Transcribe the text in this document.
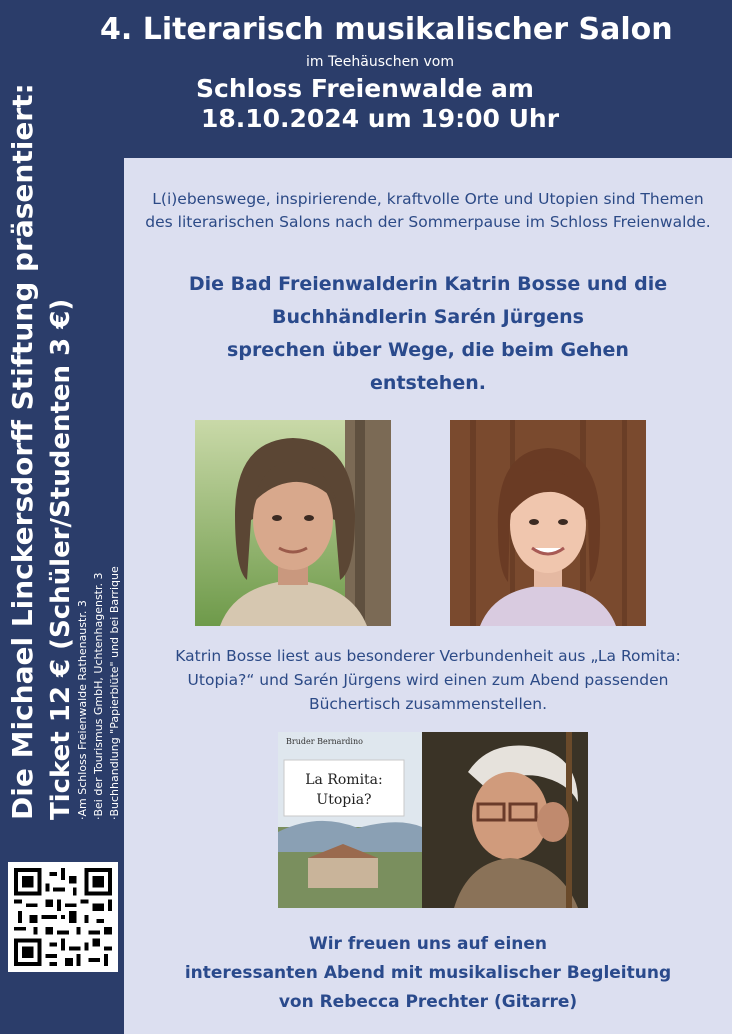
4. Literarisch musikalischer Salon
im Teehäuschen vom
Schloss Freienwalde am
18.10.2024 um 19:00 Uhr
Die Michael Linckersdorff Stiftung präsentiert: Ticket 12 € (Schüler/Studenten 3 €) ·Am Schloss Freienwalde Rathenaustr. 3 ·Bei der Tourismus GmbH, Uchtenhagenstr. 3 ·Buchhandlung "Papierblüte" und bei Barrique
L(i)ebenswege, inspirierende, kraftvolle Orte und Utopien sind Themen des literarischen Salons nach der Sommerpause im Schloss Freienwalde.
Die Bad Freienwalderin Katrin Bosse und die
Buchhändlerin Sarén Jürgens
sprechen über Wege, die beim Gehen
entstehen.
Katrin Bosse liest aus besonderer Verbundenheit aus „La Romita: Utopia?“ und Sarén Jürgens wird einen zum Abend passenden Büchertisch zusammenstellen.
Bruder Bernardino
La Romita:
Utopia?
Wir freuen uns auf einen
interessanten Abend mit musikalischer Begleitung
von Rebecca Prechter (Gitarre)
